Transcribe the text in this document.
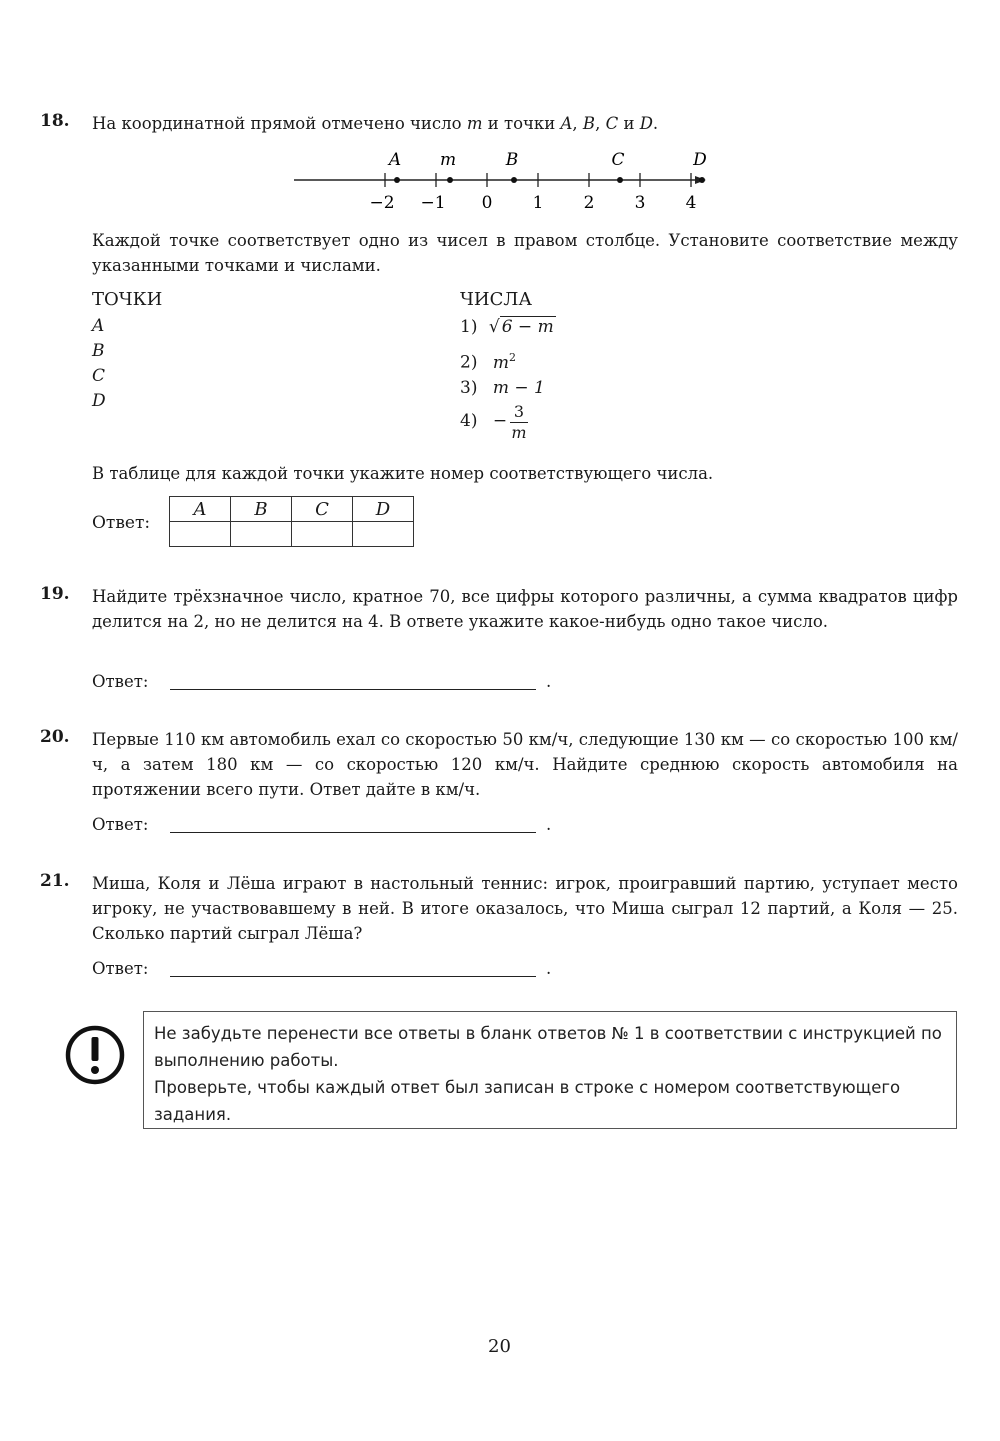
18. На координатной прямой отмечено число m и точки A, B, C и D.
−2 −1 0 1 2 3 4
A m	B	C	D
Каждой точке соответствует одно из чисел в правом столбце. Установите соответствие между указанными точками и числами.
ТОЧКИ	ЧИСЛА
A
B
C
D
1) √ 6 − m
2) $m^2$
3) m − 1
$4) - \frac{3}{m}$
В таблице для каждой точки укажите номер соответствующего числа.
Ответ:
A	B	C	D

19. Найдите трёхзначное число, кратное 70, все цифры которого различны, а сумма квадратов цифр делится на 2, но не делится на 4. В ответе укажите какое-нибудь одно такое число.
Ответ:	.
20. Первые 110 км автомобиль ехал со скоростью 50 км/ч, следующие 130 км — со скоростью 100 км/ч, а затем 180 км — со скоростью 120 км/ч. Найдите среднюю скорость автомобиля на протяжении всего пути. Ответ дайте в км/ч.
Ответ:	.
21. Миша, Коля и Лёша играют в настольный теннис: игрок, проигравший партию, уступает место игроку, не участвовавшему в ней. В итоге оказалось, что Миша сыграл 12 партий, а Коля — 25. Сколько партий сыграл Лёша?
Ответ:	.
Не забудьте перенести все ответы в бланк ответов № 1 в соответствии с инструкцией по выполнению работы.
Проверьте, чтобы каждый ответ был записан в строке с номером соответствующего задания.
20
